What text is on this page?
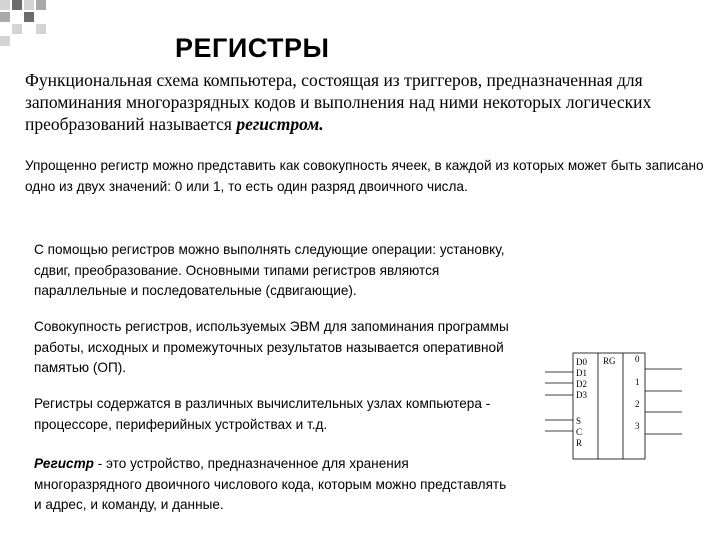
РЕГИСТРЫ
Функциональная схема компьютера, состоящая из триггеров, предназначенная для запоминания многоразрядных кодов и выполнения над ними некоторых логических преобразований называется регистром.

Упрощенно регистр можно представить как совокупность ячеек, в каждой из которых может быть записано одно из двух значений: 0 или 1, то есть один разряд двоичного числа.

С помощью регистров можно выполнять следующие операции: установку, сдвиг, преобразование. Основными типами регистров являются параллельные и последовательные (сдвигающие).

Совокупность регистров, используемых ЭВМ для запоминания программы работы, исходных и промежуточных результатов называется оперативной памятью (ОП).

Регистры содержатся в различных вычислительных узлах компьютера - процессоре, периферийных устройствах и т.д.

Регистр - это устройство, предназначенное для хранения многоразрядного двоичного числового кода, которым можно представлять и адрес, и команду, и данные.

RG
D0
D1
D2
D3
S
C
R
0
1
2
3
